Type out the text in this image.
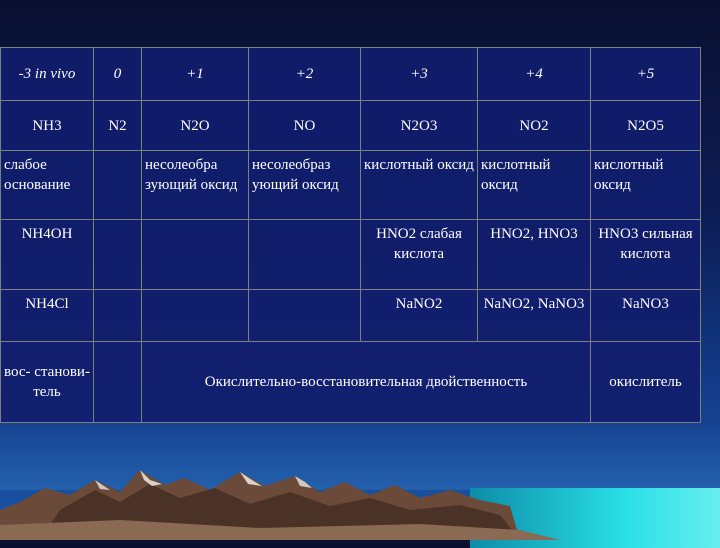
-3 in vivo	0	+1	+2	+3	+4	+5
NH3	N2	N2O	NO	N2O3	NO2	N2O5
слабое основание		несолеобра зующий оксид	несолеобраз ующий оксид	кислотный оксид	кислотный оксид	кислотный оксид
NH4OH				HNO2 слабая кислота	HNO2, HNO3	HNO3 сильная кислота
NH4Cl				NaNO2	NaNO2, NaNO3	NaNO3
вос- станови- тель		Окислительно-восстановительная двойственность				окислитель
